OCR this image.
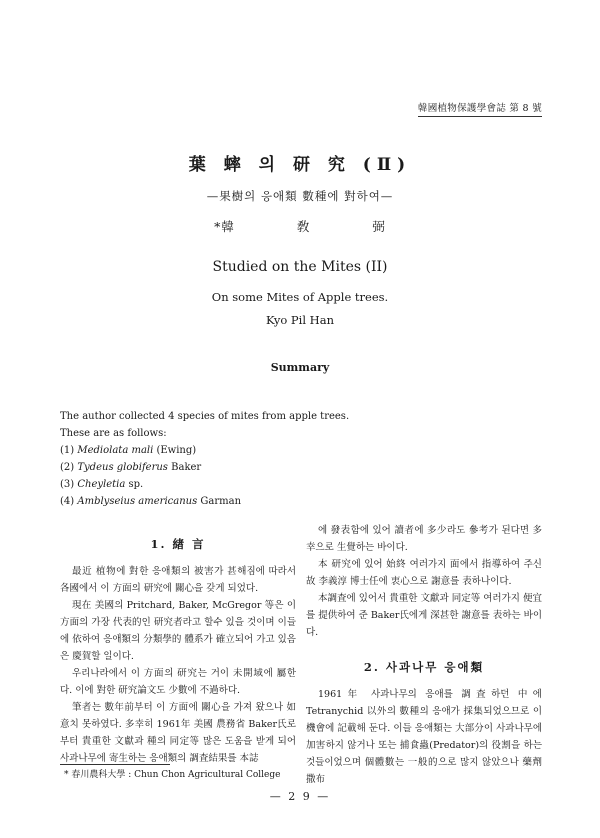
韓國植物保護學會誌 第 8 號
葉 蟀 의 研 究 (Ⅱ)
—果樹의 응애類 數種에 對하여—
*韓	敎	弼
Studied on the Mites (II)
On some Mites of Apple trees.
Kyo Pil Han
Summary

The author collected 4 species of mites from apple trees.

These are as follows:

(1) Mediolata mali (Ewing)

(2) Tydeus globiferus Baker

(3) Cheyletia sp.

(4) Amblyseius americanus Garman

1. 緖 言

最近 植物에 對한 응애類의 被害가 甚해짐에 따라서 各國에서 이 方面의 研究에 關心을 갖게 되었다.

現在 美國의 Pritchard, Baker, McGregor 等은 이 方面의 가장 代表的인 研究者라고 할수 있을 것이며 이들에 依하여 응애類의 分類學的 體系가 確立되어 가고 있음은 慶賀할 일이다.

우리나라에서 이 方面의 研究는 거이 未開域에 屬한다. 이에 對한 研究論文도 少數에 不過하다.

筆者는 數年前부터 이 方面에 關心을 가져 왔으나 如意치 못하였다. 多幸히 1961年 美國 農務省 Baker氏로 부터 貴重한 文獻과 種의 同定等 많은 도움을 받게 되어 사과나무에 寄生하는 응애類의 調査結果를 本誌

에 發表함에 있어 讀者에 多少라도 參考가 된다면 多幸으로 生覺하는 바이다.

本 研究에 있어 始終 여러가지 面에서 指導하여 주신 故 李義淳 博士任에 衷心으로 謝意를 表하나이다.

本調査에 있어서 貴重한 文獻과 同定等 여러가지 便宜를 提供하여 준 Baker氏에게 深甚한 謝意를 表하는 바이다.

2. 사과나무 응애類

1961年 사과나무의 응애를 調査하던 中에 Tetranychid 以外의 數種의 응애가 採集되었으므로 이 機會에 記載해 둔다. 이들 응애類는 大部分이 사과나무에 加害하지 않거나 또는 捕食蟲(Predator)의 役割을 하는것들이었으며 個體數는 一般的으로 많지 않았으나 藥劑撒布

* 春川農科大學 : Chun Chon Agricultural College
— 2 9 —
